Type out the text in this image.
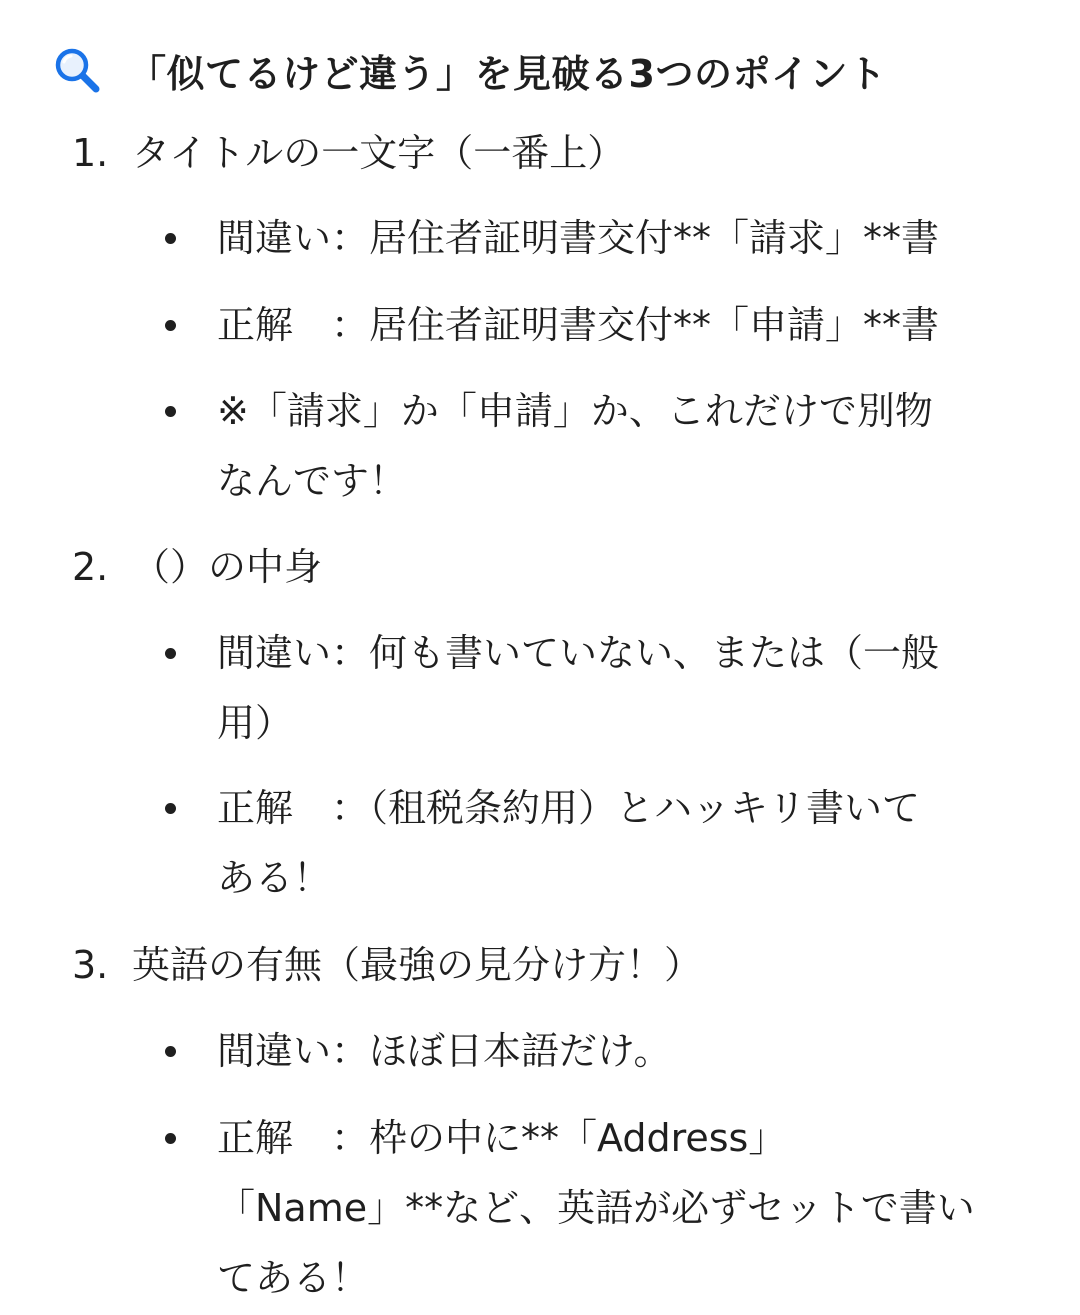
「似てるけど違う」を見破る3つのポイント
1. タイトルの一文字（一番上）
間違い：居住者証明書交付**「請求」**書
正解　：居住者証明書交付**「申請」**書
※「請求」か「申請」か、これだけで別物
なんです！
2. （）の中身
間違い：何も書いていない、または（一般
用）
正解　：（租税条約用）とハッキリ書いて
ある！
3. 英語の有無（最強の見分け方！）
間違い：ほぼ日本語だけ。
正解　：枠の中に**「Address」
「Name」**など、英語が必ずセットで書い
てある！
